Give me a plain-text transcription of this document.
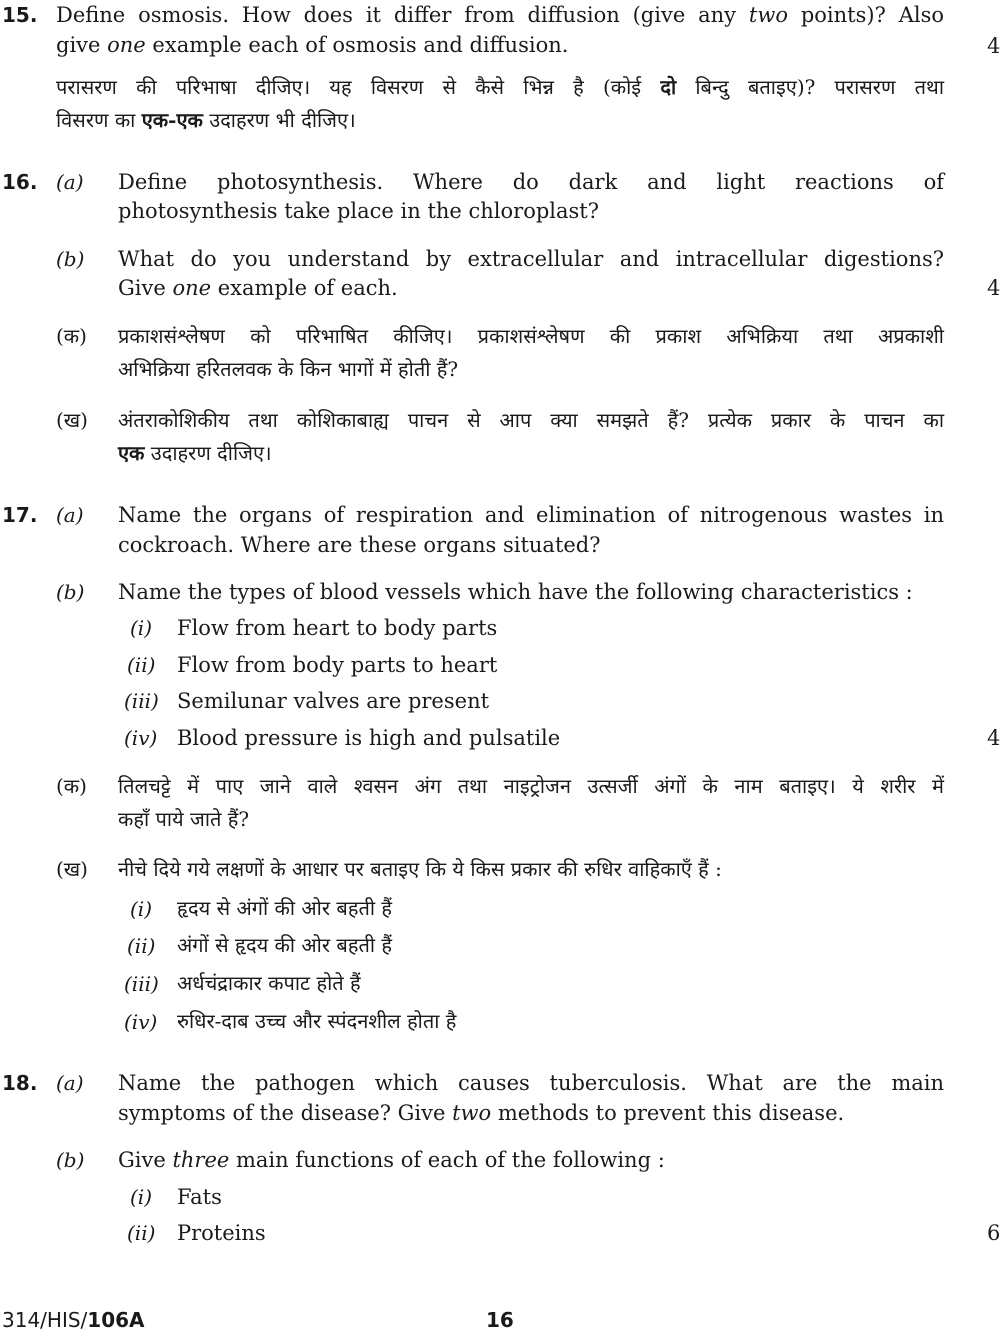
15. Define osmosis. How does it differ from diffusion (give any two points)? Also
give one example each of osmosis and diffusion.	4
परासरण की परिभाषा दीजिए। यह विसरण से कैसे भिन्न है (कोई दो बिन्दु बताइए)? परासरण तथा
विसरण का एक-एक उदाहरण भी दीजिए।
16. (a) Define photosynthesis. Where do dark and light reactions of
photosynthesis take place in the chloroplast?
(b) What do you understand by extracellular and intracellular digestions?
Give one example of each.	4
(क) प्रकाशसंश्लेषण को परिभाषित कीजिए। प्रकाशसंश्लेषण की प्रकाश अभिक्रिया तथा अप्रकाशी
अभिक्रिया हरितलवक के किन भागों में होती हैं?
(ख) अंतराकोशिकीय तथा कोशिकाबाह्य पाचन से आप क्या समझते हैं? प्रत्येक प्रकार के पाचन का
एक उदाहरण दीजिए।
17. (a) Name the organs of respiration and elimination of nitrogenous wastes in
cockroach. Where are these organs situated?
(b) Name the types of blood vessels which have the following characteristics :
(i) Flow from heart to body parts
(ii) Flow from body parts to heart
(iii) Semilunar valves are present
(iv) Blood pressure is high and pulsatile	4
(क) तिलचट्टे में पाए जाने वाले श्वसन अंग तथा नाइट्रोजन उत्सर्जी अंगों के नाम बताइए। ये शरीर में
कहाँ पाये जाते हैं?
(ख) नीचे दिये गये लक्षणों के आधार पर बताइए कि ये किस प्रकार की रुधिर वाहिकाएँ हैं :
(i) हृदय से अंगों की ओर बहती हैं
(ii) अंगों से हृदय की ओर बहती हैं
(iii) अर्धचंद्राकार कपाट होते हैं
(iv) रुधिर-दाब उच्च और स्पंदनशील होता है
18. (a) Name the pathogen which causes tuberculosis. What are the main
symptoms of the disease? Give two methods to prevent this disease.
(b) Give three main functions of each of the following :
(i) Fats
(ii) Proteins	6
314/HIS/106A	16
